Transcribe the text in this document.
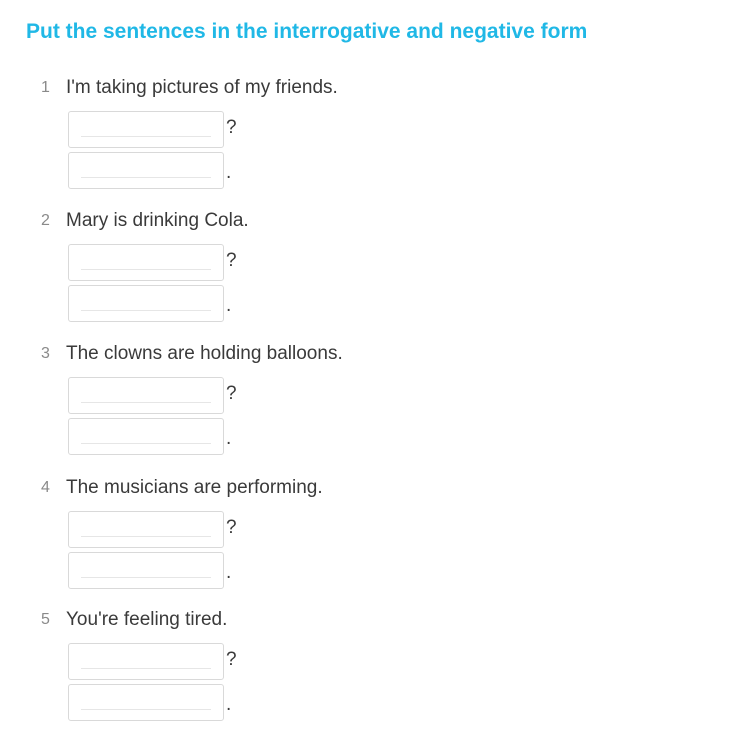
Put the sentences in the interrogative and negative form
1 I'm taking pictures of my friends.
?
.
2 Mary is drinking Cola.
?
.
3 The clowns are holding balloons.
?
.
4 The musicians are performing.
?
.
5 You're feeling tired.
?
.
